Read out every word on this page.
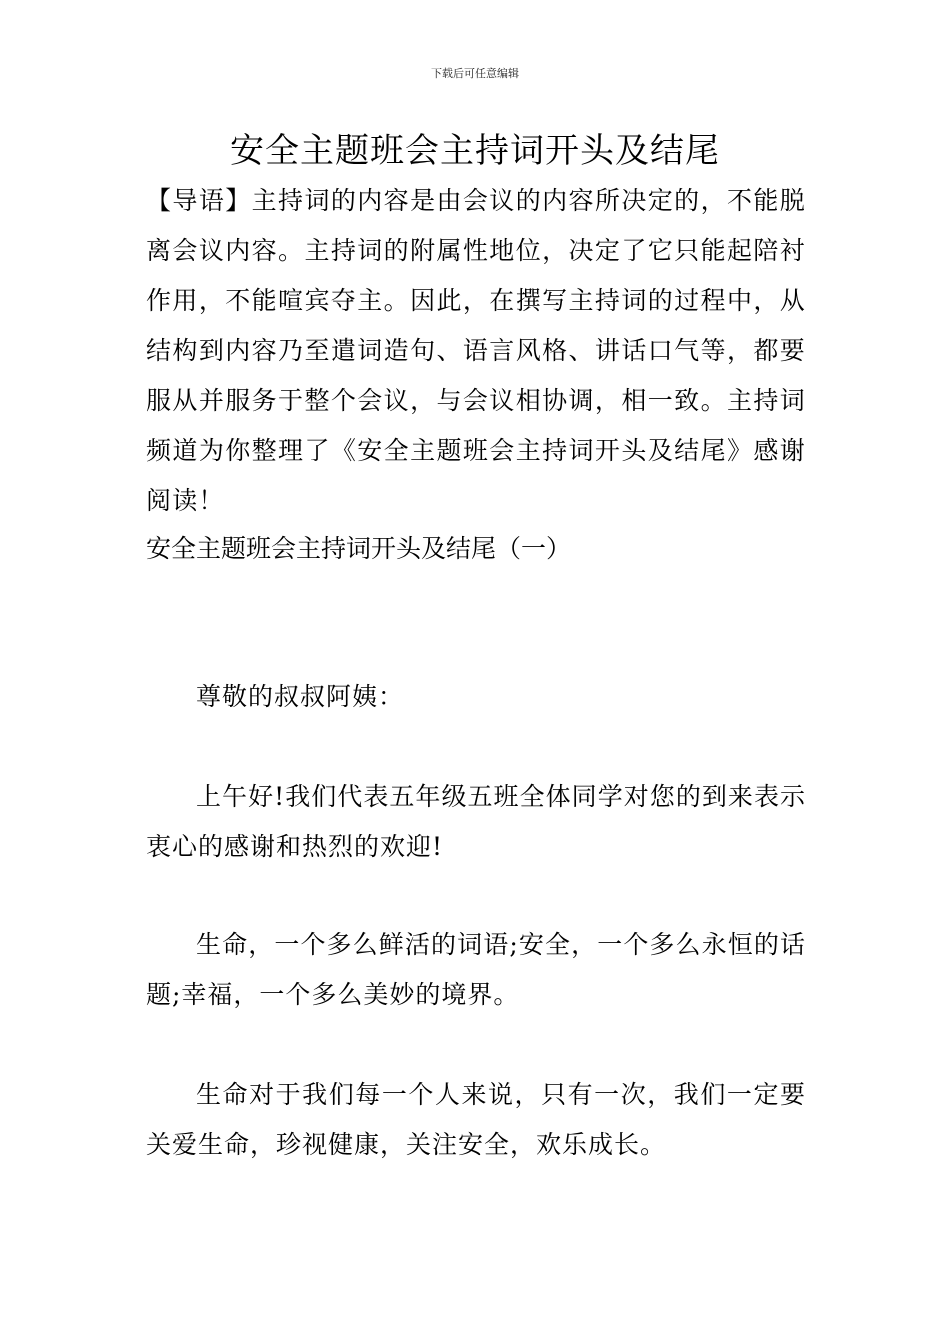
下载后可任意编辑
安全主题班会主持词开头及结尾

【导语】主持词的内容是由会议的内容所决定的，不能脱离会议内容。主持词的附属性地位，决定了它只能起陪衬作用，不能喧宾夺主。因此，在撰写主持词的过程中，从结构到内容乃至遣词造句、语言风格、讲话口气等，都要服从并服务于整个会议，与会议相协调，相一致。主持词频道为你整理了《安全主题班会主持词开头及结尾》感谢阅读！

安全主题班会主持词开头及结尾（一）

尊敬的叔叔阿姨：

上午好!我们代表五年级五班全体同学对您的到来表示衷心的感谢和热烈的欢迎!

生命，一个多么鲜活的词语;安全，一个多么永恒的话题;幸福，一个多么美妙的境界。

生命对于我们每一个人来说，只有一次，我们一定要关爱生命，珍视健康，关注安全，欢乐成长。
